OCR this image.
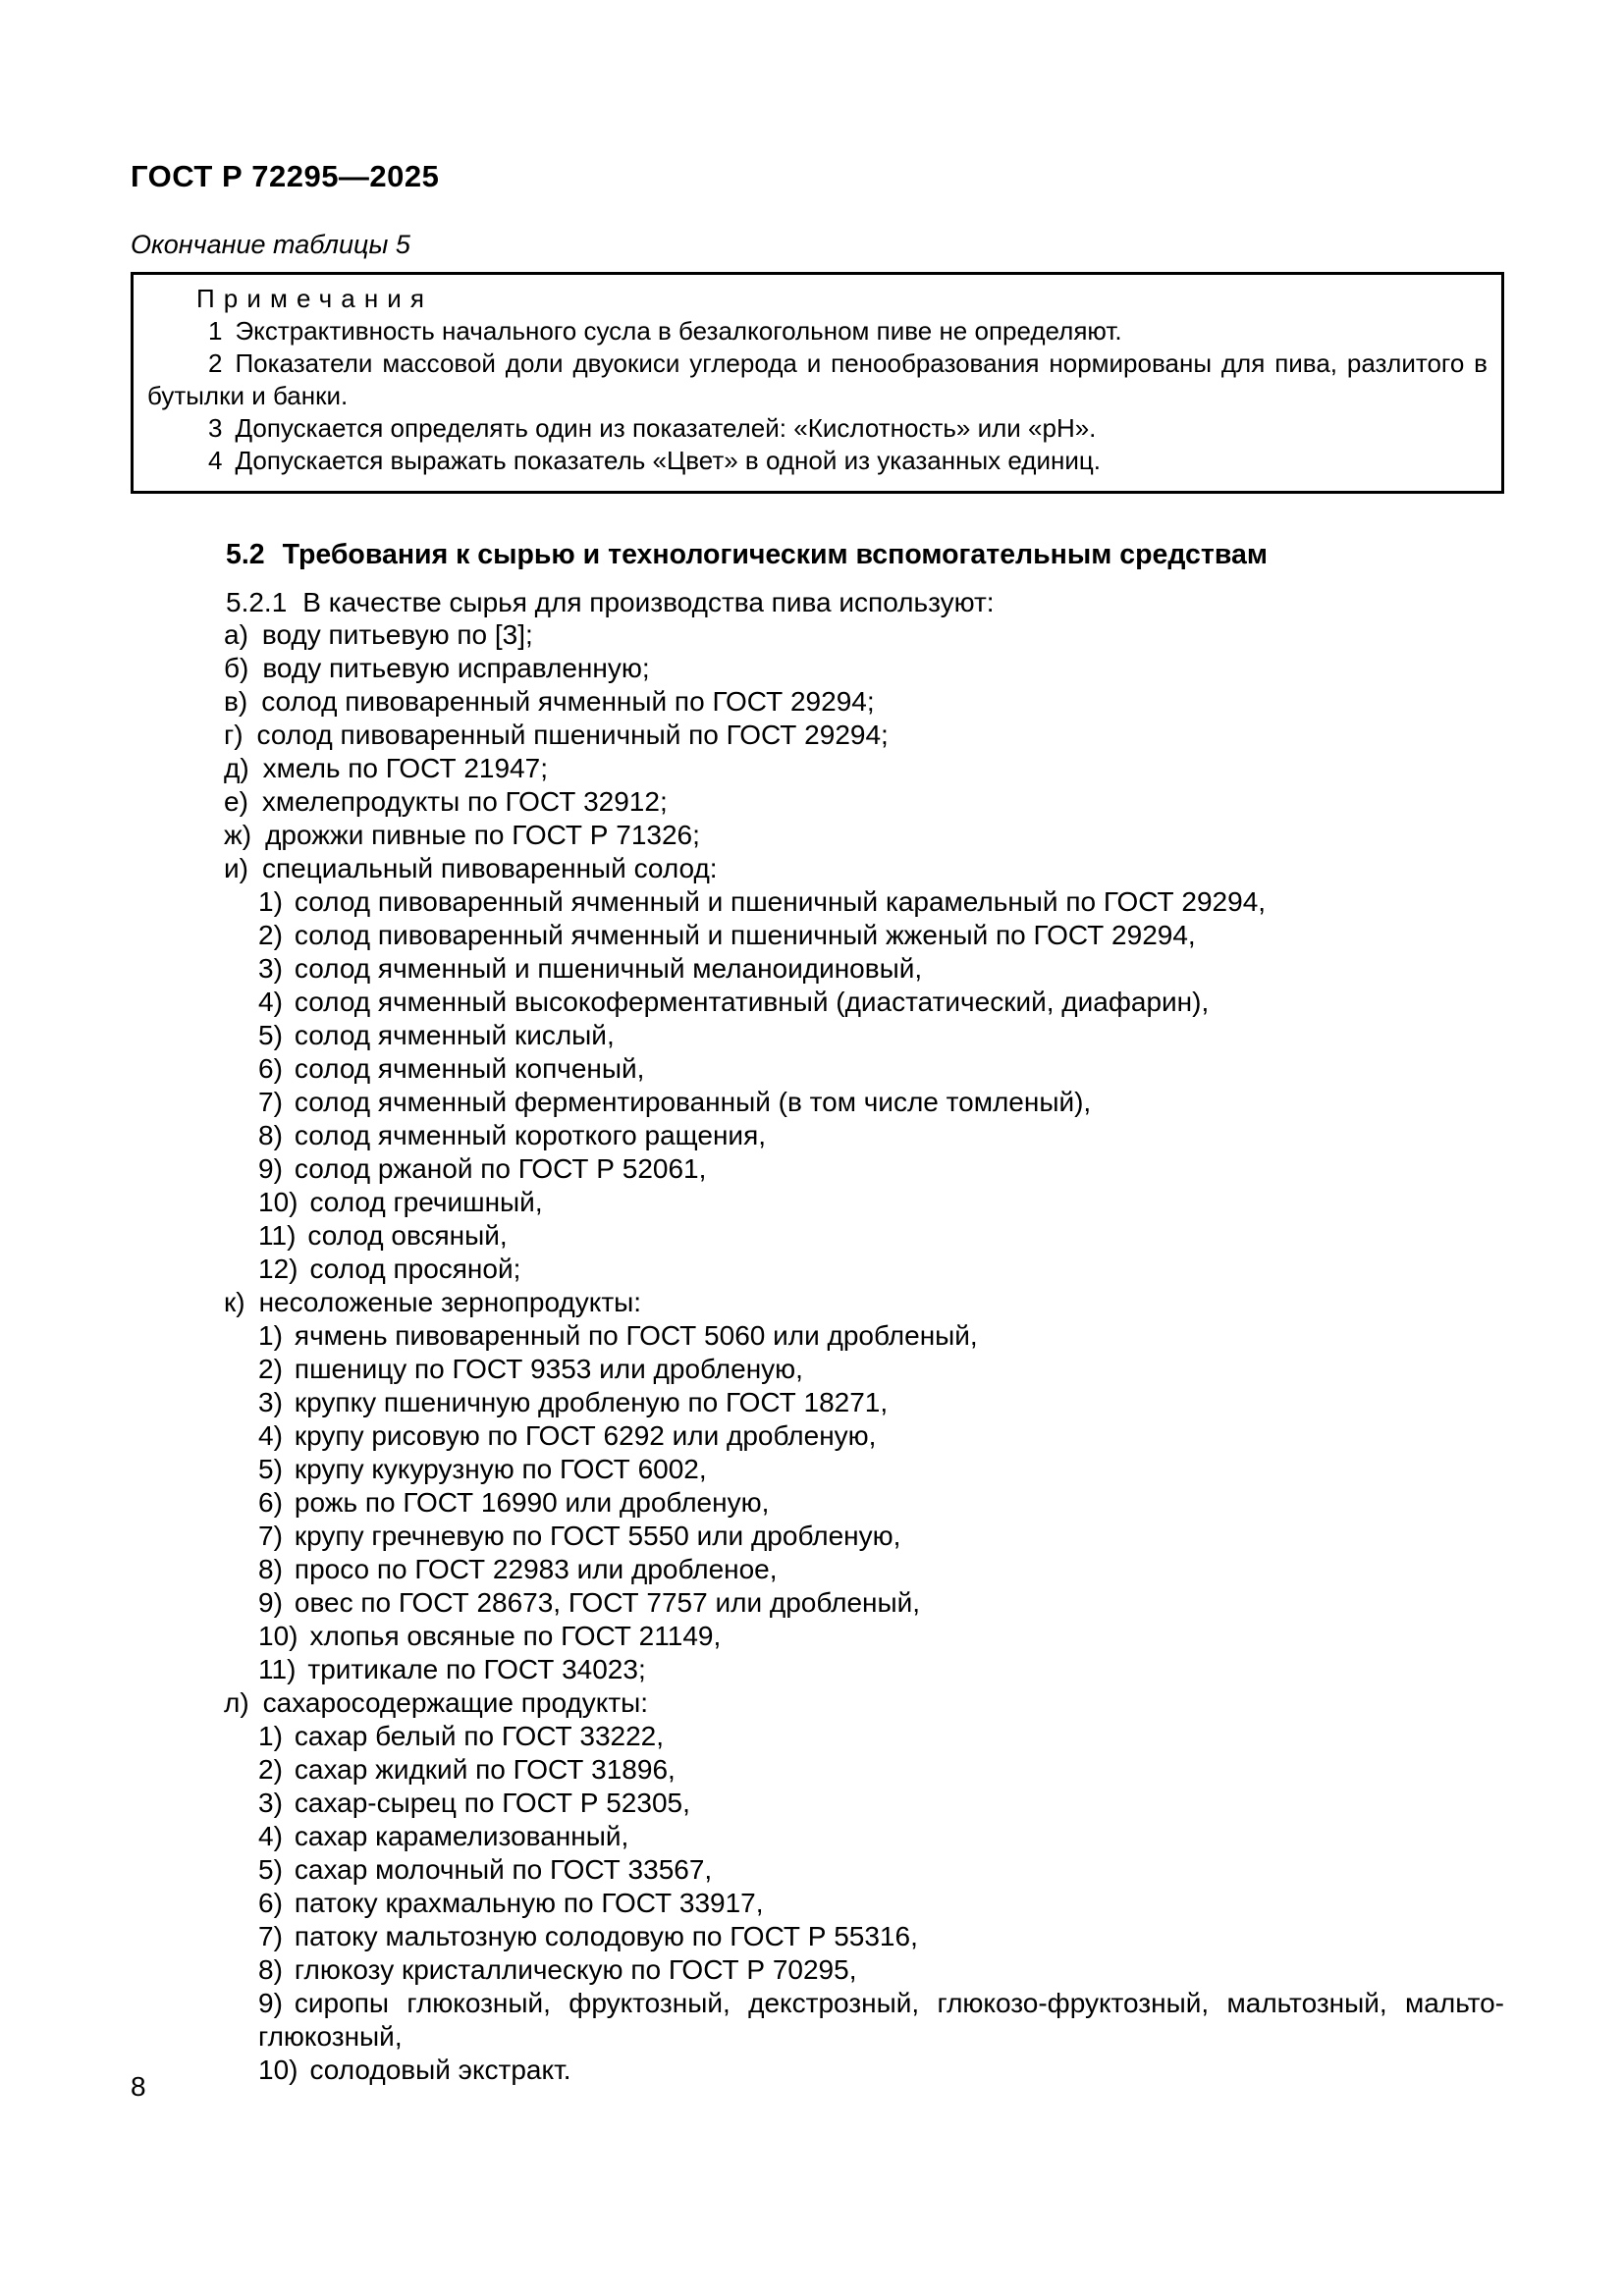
ГОСТ Р 72295—2025
Окончание таблицы 5
Примечания
1 Экстрактивность начального сусла в безалкогольном пиве не определяют.
2 Показатели массовой доли двуокиси углерода и пенообразования нормированы для пива, разлитого в бутылки и банки.
3 Допускается определять один из показателей: «Кислотность» или «pH».
4 Допускается выражать показатель «Цвет» в одной из указанных единиц.
5.2 Требования к сырью и технологическим вспомогательным средствам
5.2.1 В качестве сырья для производства пива используют:
а) воду питьевую по [3];
б) воду питьевую исправленную;
в) солод пивоваренный ячменный по ГОСТ 29294;
г) солод пивоваренный пшеничный по ГОСТ 29294;
д) хмель по ГОСТ 21947;
е) хмелепродукты по ГОСТ 32912;
ж) дрожжи пивные по ГОСТ Р 71326;
и) специальный пивоваренный солод:
1) солод пивоваренный ячменный и пшеничный карамельный по ГОСТ 29294,
2) солод пивоваренный ячменный и пшеничный жженый по ГОСТ 29294,
3) солод ячменный и пшеничный меланоидиновый,
4) солод ячменный высокоферментативный (диастатический, диафарин),
5) солод ячменный кислый,
6) солод ячменный копченый,
7) солод ячменный ферментированный (в том числе томленый),
8) солод ячменный короткого ращения,
9) солод ржаной по ГОСТ Р 52061,
10) солод гречишный,
11) солод овсяный,
12) солод просяной;
к) несоложеные зернопродукты:
1) ячмень пивоваренный по ГОСТ 5060 или дробленый,
2) пшеницу по ГОСТ 9353 или дробленую,
3) крупку пшеничную дробленую по ГОСТ 18271,
4) крупу рисовую по ГОСТ 6292 или дробленую,
5) крупу кукурузную по ГОСТ 6002,
6) рожь по ГОСТ 16990 или дробленую,
7) крупу гречневую по ГОСТ 5550 или дробленую,
8) просо по ГОСТ 22983 или дробленое,
9) овес по ГОСТ 28673, ГОСТ 7757 или дробленый,
10) хлопья овсяные по ГОСТ 21149,
11) тритикале по ГОСТ 34023;
л) сахаросодержащие продукты:
1) сахар белый по ГОСТ 33222,
2) сахар жидкий по ГОСТ 31896,
3) сахар-сырец по ГОСТ Р 52305,
4) сахар карамелизованный,
5) сахар молочный по ГОСТ 33567,
6) патоку крахмальную по ГОСТ 33917,
7) патоку мальтозную солодовую по ГОСТ Р 55316,
8) глюкозу кристаллическую по ГОСТ Р 70295,
9) сиропы глюкозный, фруктозный, декстрозный, глюкозо-фруктозный, мальтозный, мальто-глюкозный,
10) солодовый экстракт.
8
